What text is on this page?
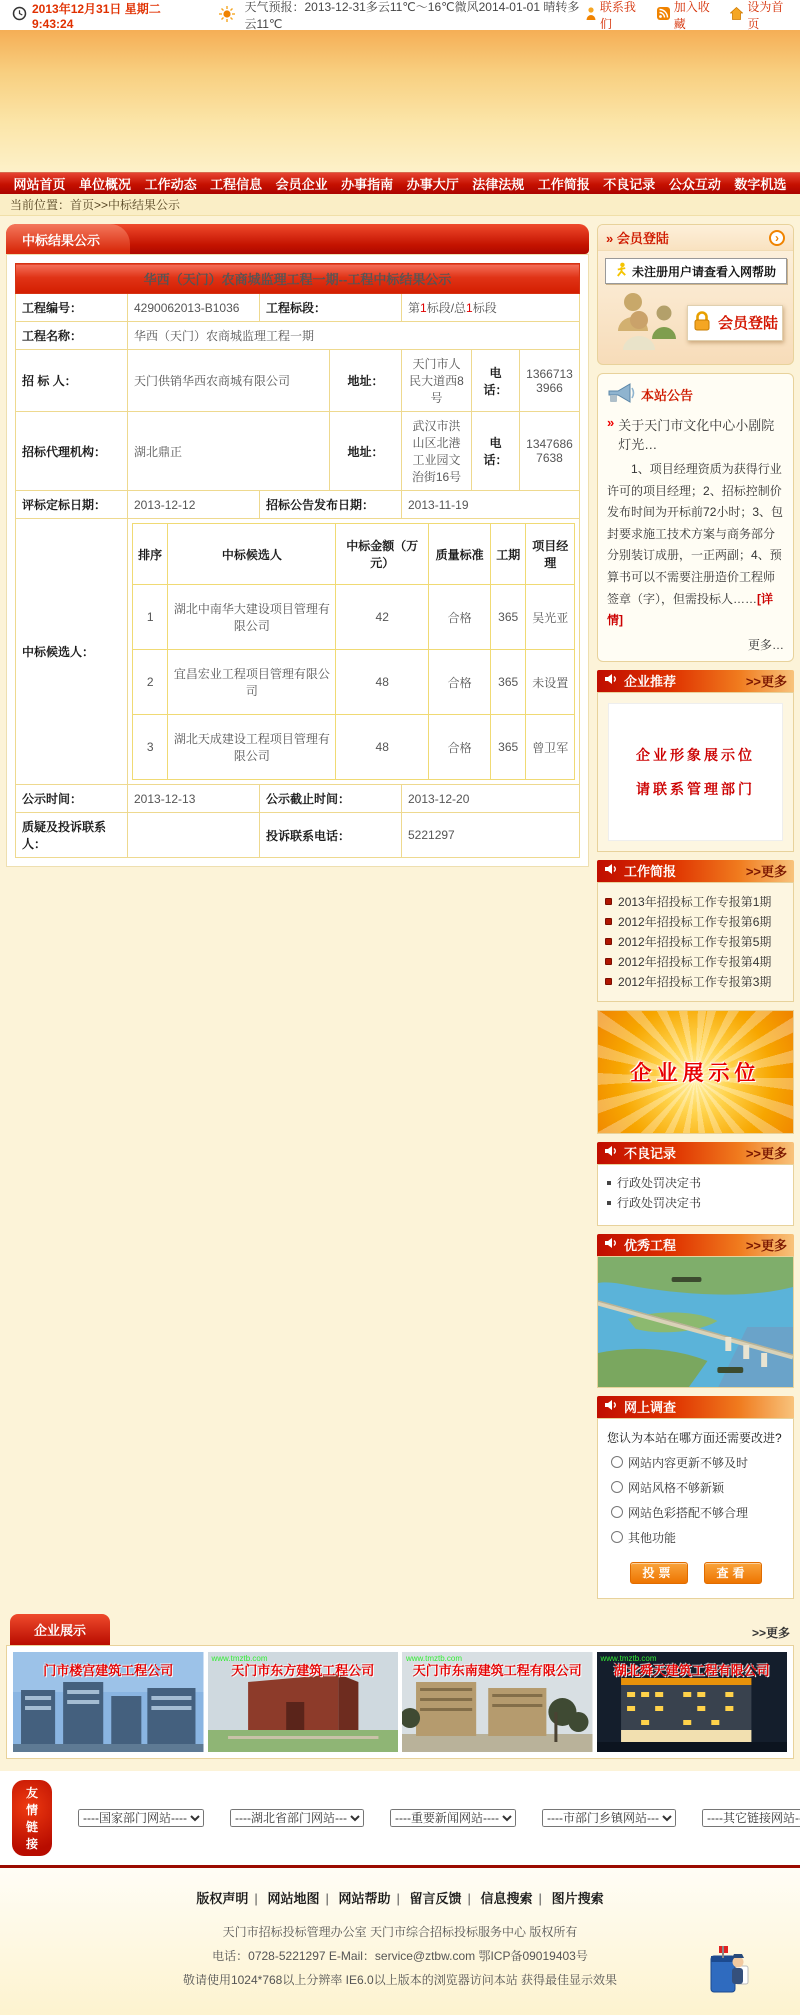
2013年12月31日 星期二 9:43:24
天气预报：2013-12-31多云11℃～16℃微风2014-01-01 晴转多云11℃
联系我们
加入收藏
设为首页
网站首页 单位概况 工作动态 工程信息 会员企业 办事指南 办事大厅 法律法规 工作简报 不良记录 公众互动 数字机选
当前位置：首页>>中标结果公示
中标结果公示
华西（天门）农商城监理工程一期--工程中标结果公示
工程编号：	4290062013-B1036	工程标段：	第1标段/总1标段
工程名称：	华西（天门）农商城监理工程一期
招 标 人：	天门供销华西农商城有限公司	地址：	天门市人民大道西8号	电话：	13667133966
招标代理机构：	湖北鼎正	地址：	武汉市洪山区北港工业园文治街16号	电话：	13476867638
评标定标日期：	2013-12-12	招标公告发布日期：	2013-11-19
中标候选人：	
排序	中标候选人	中标金额（万元）	质量标准	工期	项目经理
1	湖北中南华大建设项目管理有限公司	42	合格	365	吴光亚
2	宜昌宏业工程项目管理有限公司	48	合格	365	未设置
3	湖北天成建设工程项目管理有限公司	48	合格	365	曾卫军

公示时间：	2013-12-13	公示截止时间：	2013-12-20
质疑及投诉联系人：		投诉联系电话：	5221297
» 会员登陆	›
未注册用户请查看入网帮助
会员登陆
本站公告
» 关于天门市文化中心小剧院灯光…
1、项目经理资质为获得行业许可的项目经理；2、招标控制价发布时间为开标前72小时；3、包封要求施工技术方案与商务部分分别装订成册，一正两副；4、预算书可以不需要注册造价工程师签章（字），但需投标人……[详情]
更多…
企业推荐	>>更多
企业形象展示位
请联系管理部门
工作简报	>>更多
2013年招投标工作专报第1期
2012年招投标工作专报第6期
2012年招投标工作专报第5期
2012年招投标工作专报第4期
2012年招投标工作专报第3期
企业展示位
不良记录	>>更多
行政处罚决定书
行政处罚决定书
优秀工程	>>更多
网上调查
您认为本站在哪方面还需要改进?
网站内容更新不够及时
网站风格不够新颖
网站色彩搭配不够合理
其他功能
投票	查看
企业展示	>>更多
门市楼宫建筑工程公司
www.tmztb.com
天门市东方建筑工程公司
www.tmztb.com
天门市东南建筑工程有限公司
www.tmztb.com
湖北舜天建筑工程有限公司
友情链接
----国家部门网站----
----湖北省部门网站---
----重要新闻网站----
----市部门乡镇网站---
----其它链接网站----
版权声明 | 网站地图 | 网站帮助 | 留言反馈 | 信息搜索 | 图片搜索
天门市招标投标管理办公室 天门市综合招标投标服务中心 版权所有
电话：0728-5221297 E-Mail：service@ztbw.com 鄂ICP备09019403号
敬请使用1024*768以上分辨率 IE6.0以上版本的浏览器访问本站 获得最佳显示效果
